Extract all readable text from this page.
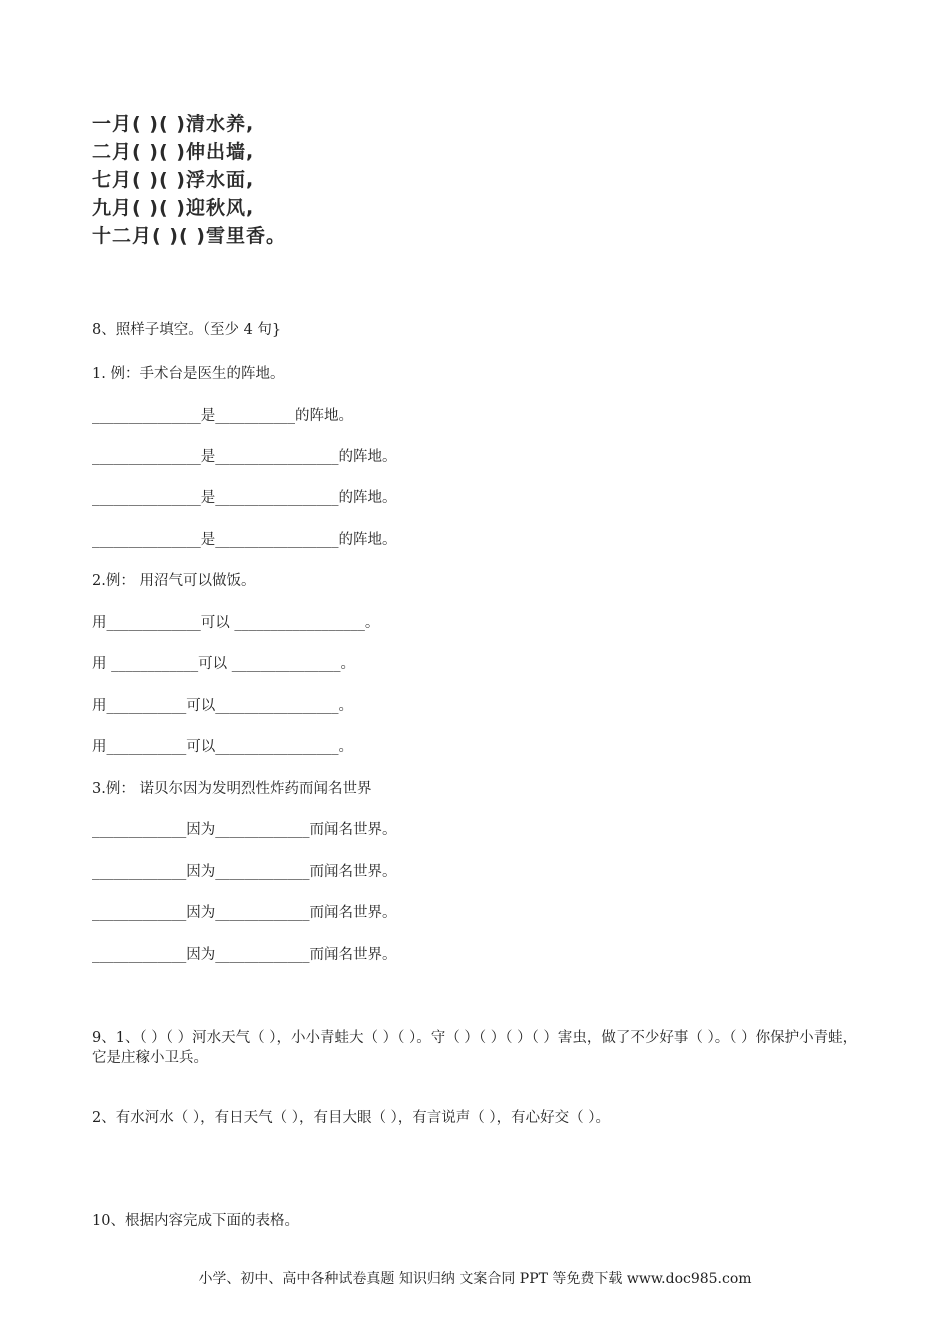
一月( )( )清水养,
二月( )( )伸出墙,
七月( )( )浮水面,
九月( )( )迎秋风,
十二月( )( )雪里香。
8、照样子填空。（至少 4 句}
1. 例：手术台是医生的阵地。
_______________是___________的阵地。
_______________是_________________的阵地。
_______________是_________________的阵地。
_______________是_________________的阵地。
2.例： 用沼气可以做饭。
用_____________可以 __________________。
用 ____________可以 _______________。
用___________可以_________________。
用___________可以_________________。
3.例： 诺贝尔因为发明烈性炸药而闻名世界
_____________因为_____________而闻名世界。
_____________因为_____________而闻名世界。
_____________因为_____________而闻名世界。
_____________因为_____________而闻名世界。
9、1、（ ）（ ）河水天气（ ），小小青蛙大（ ）（ ）。守（ ）（ ）（ ）（ ）害虫，做了不少好事（ ）。（ ）你保护小青蛙，它是庄稼小卫兵。
2、有水河水（ ），有日天气（ ），有目大眼（ ），有言说声（ ），有心好交（ ）。
10、根据内容完成下面的表格。
小学、初中、高中各种试卷真题 知识归纳 文案合同 PPT 等免费下载 www.doc985.com
